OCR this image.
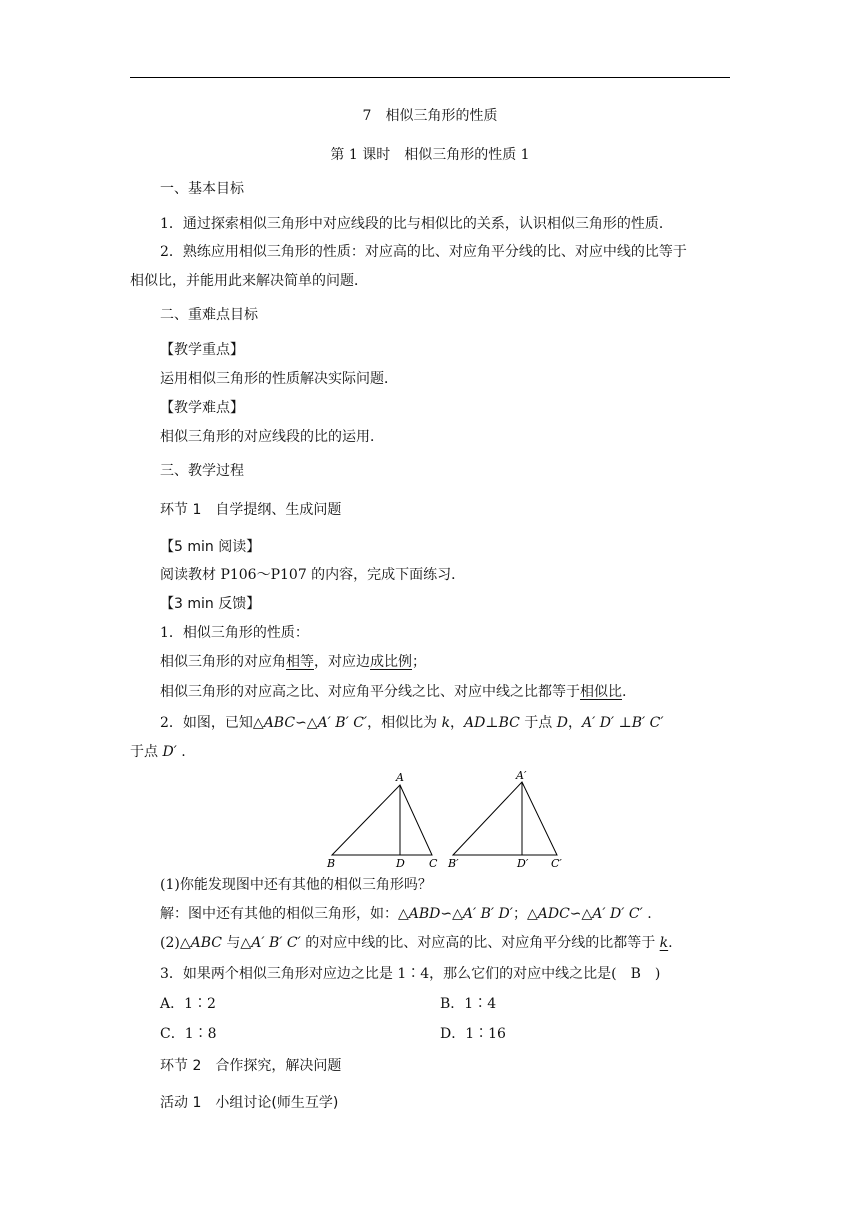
7　相似三角形的性质
第 1 课时　相似三角形的性质 1
一、基本目标
1．通过探索相似三角形中对应线段的比与相似比的关系，认识相似三角形的性质．
2．熟练应用相似三角形的性质：对应高的比、对应角平分线的比、对应中线的比等于
相似比，并能用此来解决简单的问题．
二、重难点目标
【教学重点】
运用相似三角形的性质解决实际问题．
【教学难点】
相似三角形的对应线段的比的运用．
三、教学过程
环节 1　自学提纲、生成问题
【5 min 阅读】
阅读教材 P106～P107 的内容，完成下面练习．
【3 min 反馈】
1．相似三角形的性质：
相似三角形的对应角相等，对应边成比例；
相似三角形的对应高之比、对应角平分线之比、对应中线之比都等于相似比.
2．如图，已知△ABC∽△A′ B′ C′，相似比为 k，AD⊥BC 于点 D，A′ D′ ⊥B′ C′
于点 D′ .
A
B	D C
A′
B′	D′ C′
(1)你能发现图中还有其他的相似三角形吗？
解：图中还有其他的相似三角形，如：△ABD∽△A′ B′ D′；△ADC∽△A′ D′ C′ .
(2)△ABC 与△A′ B′ C′ 的对应中线的比、对应高的比、对应角平分线的比都等于 k.
3．如果两个相似三角形对应边之比是 1∶4，那么它们的对应中线之比是(　B　)
A．1∶2	B．1∶4
C．1∶8	D．1∶16
环节 2　合作探究，解决问题
活动 1　小组讨论(师生互学)
